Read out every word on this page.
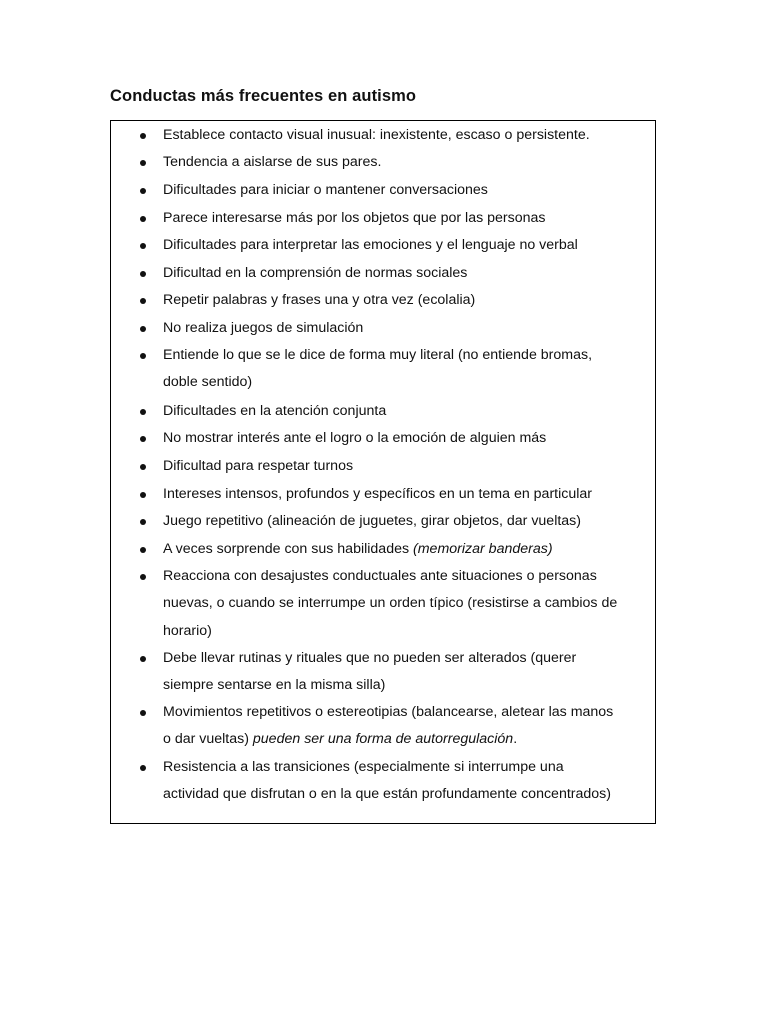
Conductas más frecuentes en autismo
Establece contacto visual inusual: inexistente, escaso o persistente.
Tendencia a aislarse de sus pares.
Dificultades para iniciar o mantener conversaciones
Parece interesarse más por los objetos que por las personas
Dificultades para interpretar las emociones y el lenguaje no verbal
Dificultad en la comprensión de normas sociales
Repetir palabras y frases una y otra vez (ecolalia)
No realiza juegos de simulación
Entiende lo que se le dice de forma muy literal (no entiende bromas,
doble sentido)
Dificultades en la atención conjunta
No mostrar interés ante el logro o la emoción de alguien más
Dificultad para respetar turnos
Intereses intensos, profundos y específicos en un tema en particular
Juego repetitivo (alineación de juguetes, girar objetos, dar vueltas)
A veces sorprende con sus habilidades (memorizar banderas)
Reacciona con desajustes conductuales ante situaciones o personas
nuevas, o cuando se interrumpe un orden típico (resistirse a cambios de
horario)
Debe llevar rutinas y rituales que no pueden ser alterados (querer
siempre sentarse en la misma silla)
Movimientos repetitivos o estereotipias (balancearse, aletear las manos
o dar vueltas) pueden ser una forma de autorregulación.
Resistencia a las transiciones (especialmente si interrumpe una
actividad que disfrutan o en la que están profundamente concentrados)
